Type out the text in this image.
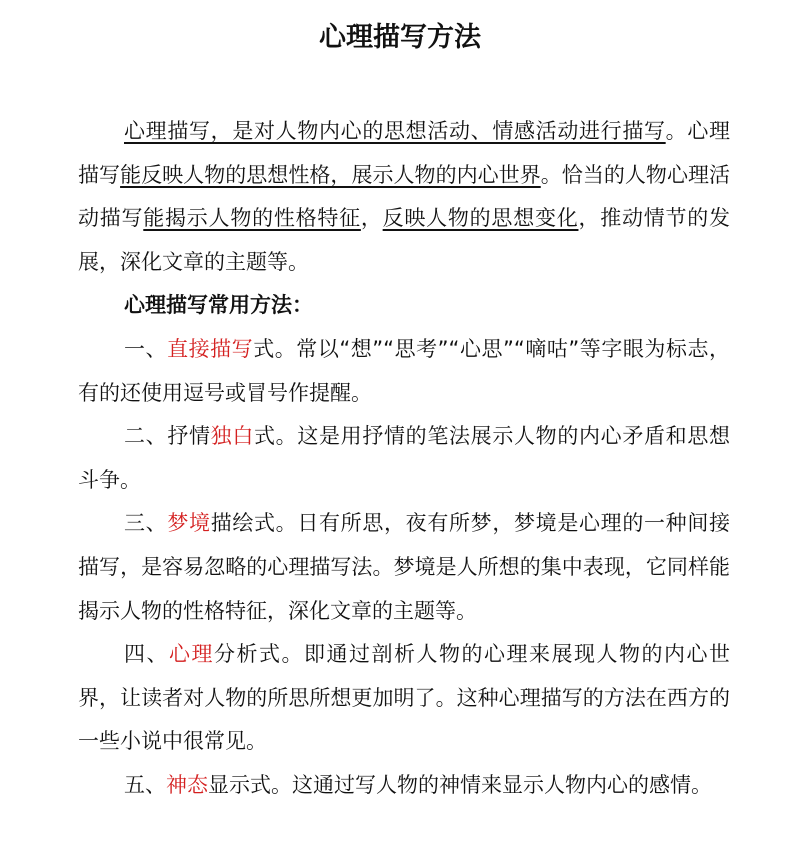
心理描写方法

心理描写，是对人物内心的思想活动、情感活动进行描写。心理描写能反映人物的思想性格，展示人物的内心世界。恰当的人物心理活动描写能揭示人物的性格特征，反映人物的思想变化，推动情节的发展，深化文章的主题等。

心理描写常用方法：

一、直接描写式。常以“想”“思考”“心思”“嘀咕”等字眼为标志，有的还使用逗号或冒号作提醒。

二、抒情独白式。这是用抒情的笔法展示人物的内心矛盾和思想斗争。

三、梦境描绘式。日有所思，夜有所梦，梦境是心理的一种间接描写，是容易忽略的心理描写法。梦境是人所想的集中表现，它同样能揭示人物的性格特征，深化文章的主题等。

四、心理分析式。即通过剖析人物的心理来展现人物的内心世界，让读者对人物的所思所想更加明了。这种心理描写的方法在西方的一些小说中很常见。

五、神态显示式。这通过写人物的神情来显示人物内心的感情。
